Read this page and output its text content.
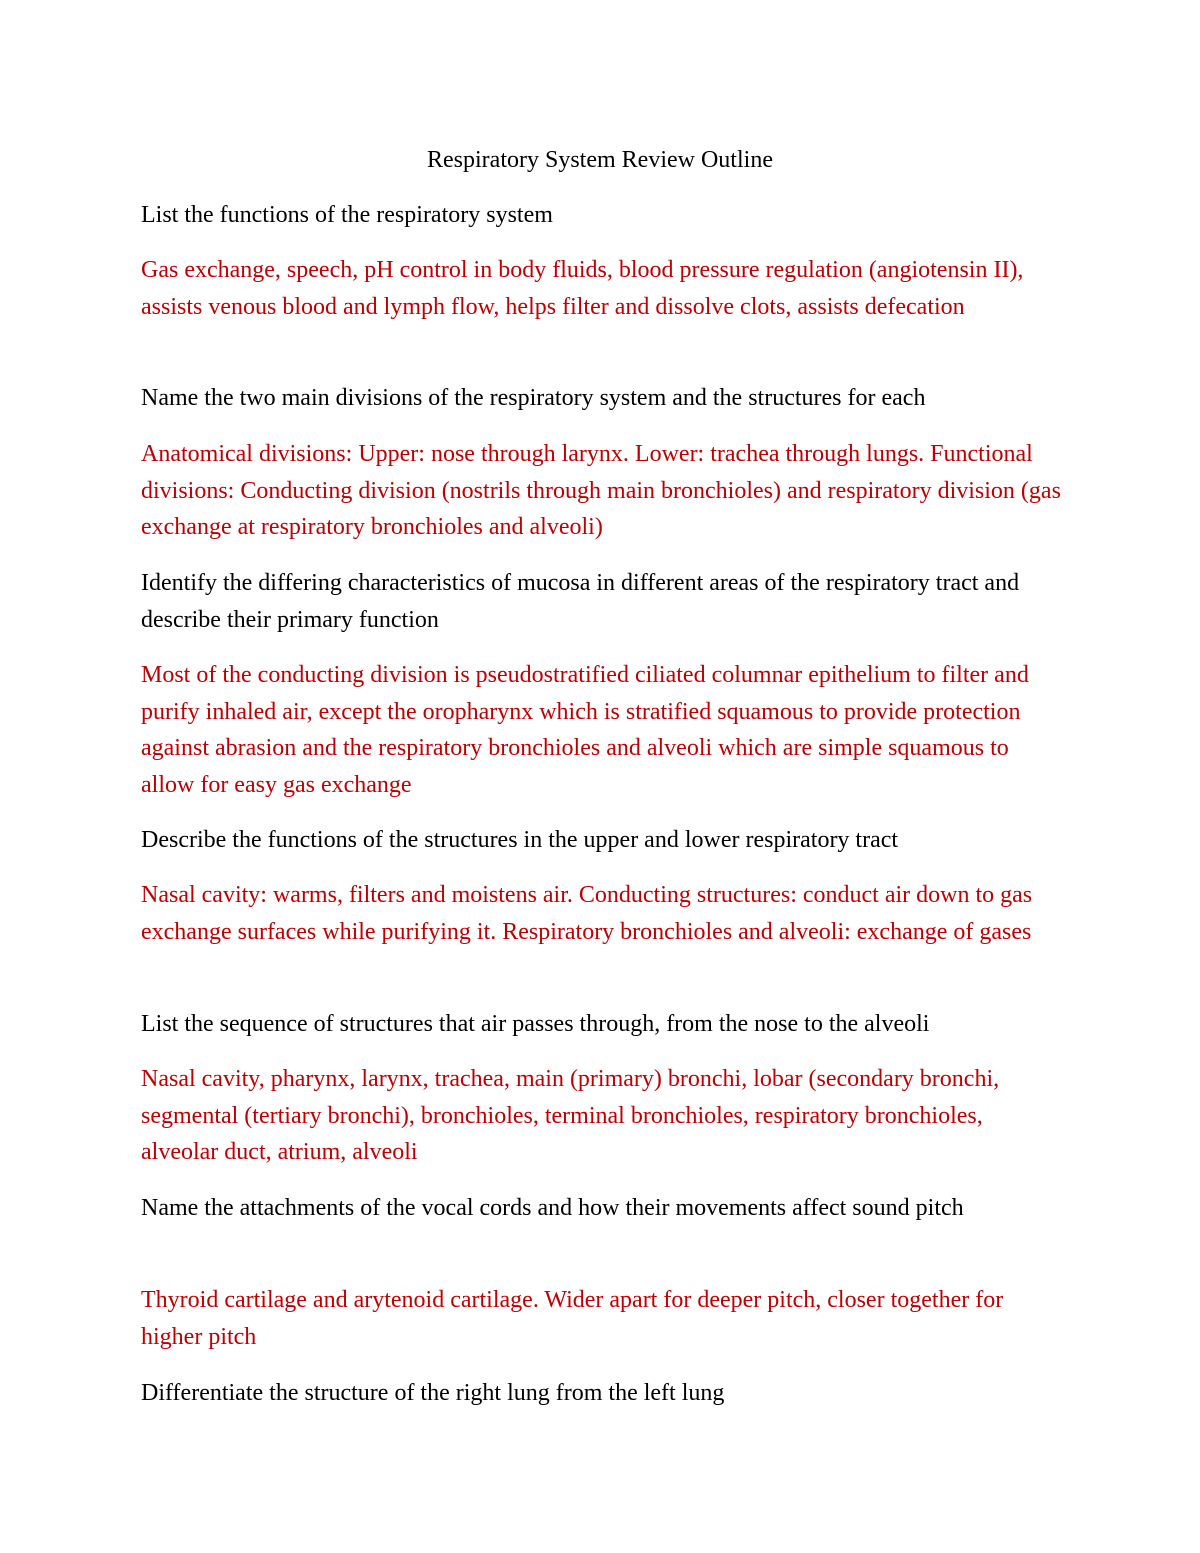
Respiratory System Review Outline

List the functions of the respiratory system

Gas exchange, speech, pH control in body fluids, blood pressure regulation (angiotensin II), assists venous blood and lymph flow, helps filter and dissolve clots, assists defecation

Name the two main divisions of the respiratory system and the structures for each

Anatomical divisions: Upper: nose through larynx. Lower: trachea through lungs. Functional divisions: Conducting division (nostrils through main bronchioles) and respiratory division (gas exchange at respiratory bronchioles and alveoli)

Identify the differing characteristics of mucosa in different areas of the respiratory tract and describe their primary function

Most of the conducting division is pseudostratified ciliated columnar epithelium to filter and purify inhaled air, except the oropharynx which is stratified squamous to provide protection against abrasion and the respiratory bronchioles and alveoli which are simple squamous to allow for easy gas exchange

Describe the functions of the structures in the upper and lower respiratory tract

Nasal cavity: warms, filters and moistens air. Conducting structures: conduct air down to gas exchange surfaces while purifying it. Respiratory bronchioles and alveoli: exchange of gases

List the sequence of structures that air passes through, from the nose to the alveoli

Nasal cavity, pharynx, larynx, trachea, main (primary) bronchi, lobar (secondary bronchi, segmental (tertiary bronchi), bronchioles, terminal bronchioles, respiratory bronchioles, alveolar duct, atrium, alveoli

Name the attachments of the vocal cords and how their movements affect sound pitch

Thyroid cartilage and arytenoid cartilage. Wider apart for deeper pitch, closer together for higher pitch

Differentiate the structure of the right lung from the left lung
